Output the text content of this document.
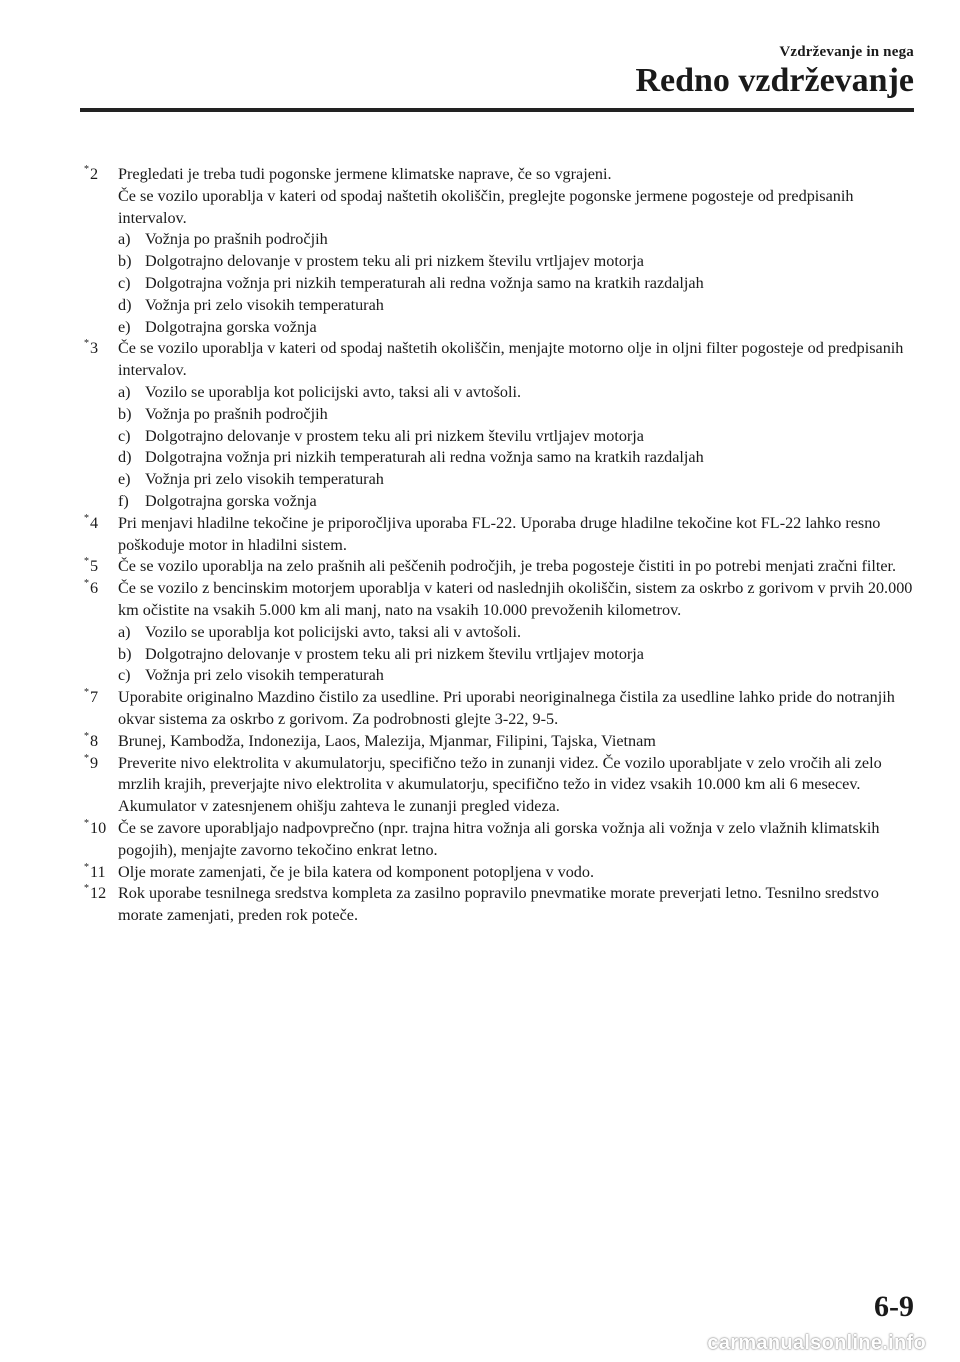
Vzdrževanje in nega
Redno vzdrževanje
*2	Pregledati je treba tudi pogonske jermene klimatske naprave, če so vgrajeni.
Če se vozilo uporablja v kateri od spodaj naštetih okoliščin, preglejte pogonske jermene pogosteje od predpisanih intervalov.
a) Vožnja po prašnih področjih
b) Dolgotrajno delovanje v prostem teku ali pri nizkem številu vrtljajev motorja
c) Dolgotrajna vožnja pri nizkih temperaturah ali redna vožnja samo na kratkih razdaljah
d) Vožnja pri zelo visokih temperaturah
e) Dolgotrajna gorska vožnja
*3	Če se vozilo uporablja v kateri od spodaj naštetih okoliščin, menjajte motorno olje in oljni filter pogosteje od predpisanih intervalov.
a) Vozilo se uporablja kot policijski avto, taksi ali v avtošoli.
b) Vožnja po prašnih področjih
c) Dolgotrajno delovanje v prostem teku ali pri nizkem številu vrtljajev motorja
d) Dolgotrajna vožnja pri nizkih temperaturah ali redna vožnja samo na kratkih razdaljah
e) Vožnja pri zelo visokih temperaturah
f)	Dolgotrajna gorska vožnja
*4	Pri menjavi hladilne tekočine je priporočljiva uporaba FL-22. Uporaba druge hladilne tekočine kot FL-22 lahko resno poškoduje motor in hladilni sistem.
*5	Če se vozilo uporablja na zelo prašnih ali peščenih področjih, je treba pogosteje čistiti in po potrebi menjati zračni filter.
*6	Če se vozilo z bencinskim motorjem uporablja v kateri od naslednjih okoliščin, sistem za oskrbo z gorivom v prvih 20.000 km očistite na vsakih 5.000 km ali manj, nato na vsakih 10.000 prevoženih kilometrov.
a) Vozilo se uporablja kot policijski avto, taksi ali v avtošoli.
b) Dolgotrajno delovanje v prostem teku ali pri nizkem številu vrtljajev motorja
c) Vožnja pri zelo visokih temperaturah
*7	Uporabite originalno Mazdino čistilo za usedline. Pri uporabi neoriginalnega čistila za usedline lahko pride do notranjih okvar sistema za oskrbo z gorivom. Za podrobnosti glejte 3-22, 9-5.
*8	Brunej, Kambodža, Indonezija, Laos, Malezija, Mjanmar, Filipini, Tajska, Vietnam
*9	Preverite nivo elektrolita v akumulatorju, specifično težo in zunanji videz. Če vozilo uporabljate v zelo vročih ali zelo mrzlih krajih, preverjajte nivo elektrolita v akumulatorju, specifično težo in videz vsakih 10.000 km ali 6 mesecev. Akumulator v zatesnjenem ohišju zahteva le zunanji pregled videza.
*10 Če se zavore uporabljajo nadpovprečno (npr. trajna hitra vožnja ali gorska vožnja ali vožnja v zelo vlažnih klimatskih pogojih), menjajte zavorno tekočino enkrat letno.
*11 Olje morate zamenjati, če je bila katera od komponent potopljena v vodo.
*12 Rok uporabe tesnilnega sredstva kompleta za zasilno popravilo pnevmatike morate preverjati letno. Tesnilno sredstvo morate zamenjati, preden rok poteče.
6-9
carmanualsonline.info
